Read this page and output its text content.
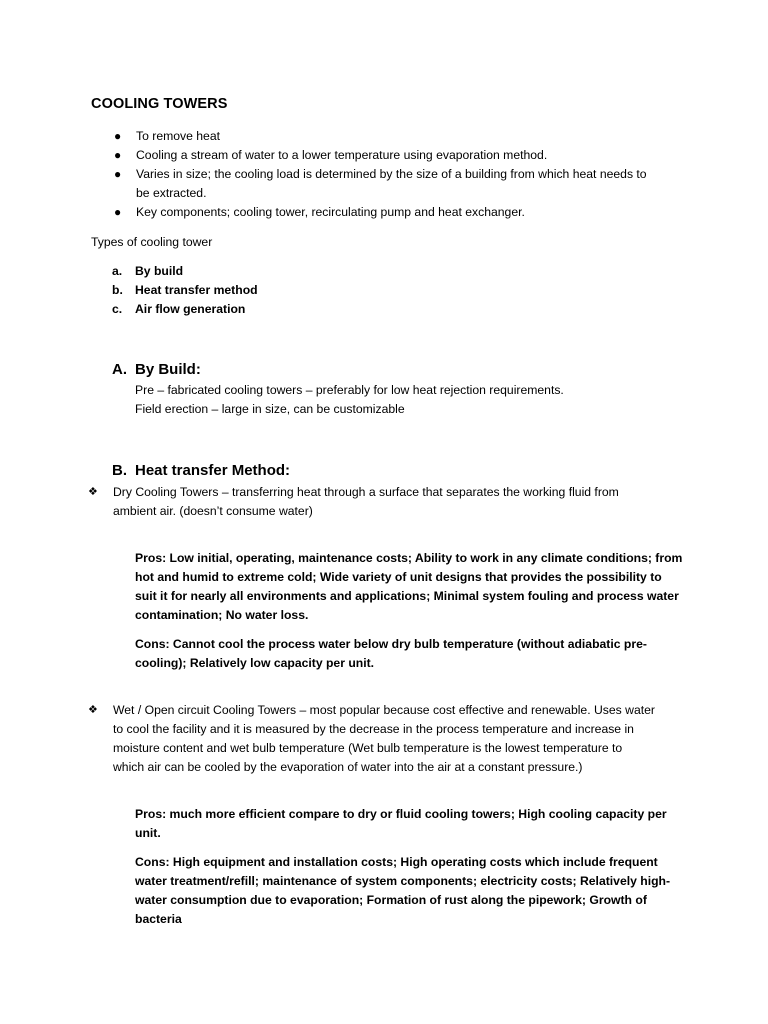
COOLING TOWERS
● To remove heat
● Cooling a stream of water to a lower temperature using evaporation method.
● Varies in size; the cooling load is determined by the size of a building from which heat needs to
be extracted.
● Key components; cooling tower, recirculating pump and heat exchanger.
Types of cooling tower
a. By build
b. Heat transfer method
c. Air flow generation
A. By Build:
Pre – fabricated cooling towers – preferably for low heat rejection requirements.
Field erection – large in size, can be customizable
B. Heat transfer Method:
❖ Dry Cooling Towers – transferring heat through a surface that separates the working fluid from
ambient air. (doesn’t consume water)
Pros: Low initial, operating, maintenance costs; Ability to work in any climate conditions; from
hot and humid to extreme cold; Wide variety of unit designs that provides the possibility to
suit it for nearly all environments and applications; Minimal system fouling and process water
contamination; No water loss.
Cons: Cannot cool the process water below dry bulb temperature (without adiabatic pre-
cooling); Relatively low capacity per unit.
❖ Wet / Open circuit Cooling Towers – most popular because cost effective and renewable. Uses water
to cool the facility and it is measured by the decrease in the process temperature and increase in
moisture content and wet bulb temperature (Wet bulb temperature is the lowest temperature to
which air can be cooled by the evaporation of water into the air at a constant pressure.)
Pros: much more efficient compare to dry or fluid cooling towers; High cooling capacity per
unit.
Cons: High equipment and installation costs; High operating costs which include frequent
water treatment/refill; maintenance of system components; electricity costs; Relatively high-
water consumption due to evaporation; Formation of rust along the pipework; Growth of
bacteria
